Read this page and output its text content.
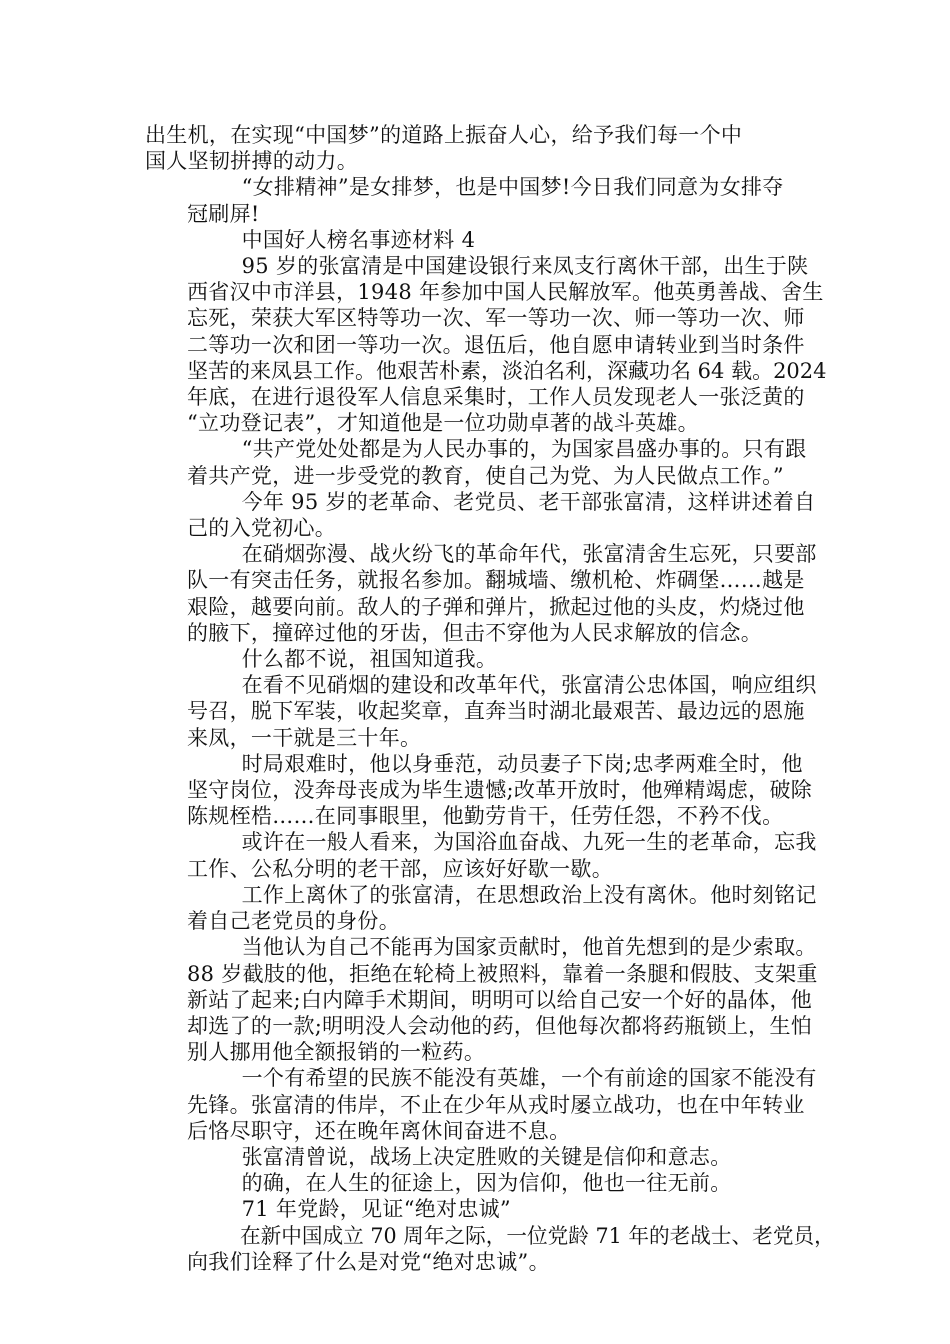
出生机，在实现“中国梦”的道路上振奋人心，给予我们每一个中
国人坚韧拼搏的动力。
“女排精神”是女排梦，也是中国梦!今日我们同意为女排夺
冠刷屏!
中国好人榜名事迹材料 4
95 岁的张富清是中国建设银行来凤支行离休干部，出生于陕
西省汉中市洋县，1948 年参加中国人民解放军。他英勇善战、舍生
忘死，荣获大军区特等功一次、军一等功一次、师一等功一次、师
二等功一次和团一等功一次。退伍后，他自愿申请转业到当时条件
坚苦的来凤县工作。他艰苦朴素，淡泊名利，深藏功名 64 载。2024
年底，在进行退役军人信息采集时，工作人员发现老人一张泛黄的
“立功登记表”，才知道他是一位功勋卓著的战斗英雄。
“共产党处处都是为人民办事的，为国家昌盛办事的。只有跟
着共产党，进一步受党的教育，使自己为党、为人民做点工作。”
今年 95 岁的老革命、老党员、老干部张富清，这样讲述着自
己的入党初心。
在硝烟弥漫、战火纷飞的革命年代，张富清舍生忘死，只要部
队一有突击任务，就报名参加。翻城墙、缴机枪、炸碉堡……越是
艰险，越要向前。敌人的子弹和弹片，掀起过他的头皮，灼烧过他
的腋下，撞碎过他的牙齿，但击不穿他为人民求解放的信念。
什么都不说，祖国知道我。
在看不见硝烟的建设和改革年代，张富清公忠体国，响应组织
号召，脱下军装，收起奖章，直奔当时湖北最艰苦、最边远的恩施
来凤，一干就是三十年。
时局艰难时，他以身垂范，动员妻子下岗;忠孝两难全时，他
坚守岗位，没奔母丧成为毕生遗憾;改革开放时，他殚精竭虑，破除
陈规桎梏……在同事眼里，他勤劳肯干，任劳任怨，不矜不伐。
或许在一般人看来，为国浴血奋战、九死一生的老革命，忘我
工作、公私分明的老干部，应该好好歇一歇。
工作上离休了的张富清，在思想政治上没有离休。他时刻铭记
着自己老党员的身份。
当他认为自己不能再为国家贡献时，他首先想到的是少索取。
88 岁截肢的他，拒绝在轮椅上被照料，靠着一条腿和假肢、支架重
新站了起来;白内障手术期间，明明可以给自己安一个好的晶体，他
却选了的一款;明明没人会动他的药，但他每次都将药瓶锁上，生怕
别人挪用他全额报销的一粒药。
一个有希望的民族不能没有英雄，一个有前途的国家不能没有
先锋。张富清的伟岸，不止在少年从戎时屡立战功，也在中年转业
后恪尽职守，还在晚年离休间奋进不息。
张富清曾说，战场上决定胜败的关键是信仰和意志。
的确，在人生的征途上，因为信仰，他也一往无前。
71 年党龄，见证“绝对忠诚”
在新中国成立 70 周年之际，一位党龄 71 年的老战士、老党员，
向我们诠释了什么是对党“绝对忠诚”。
